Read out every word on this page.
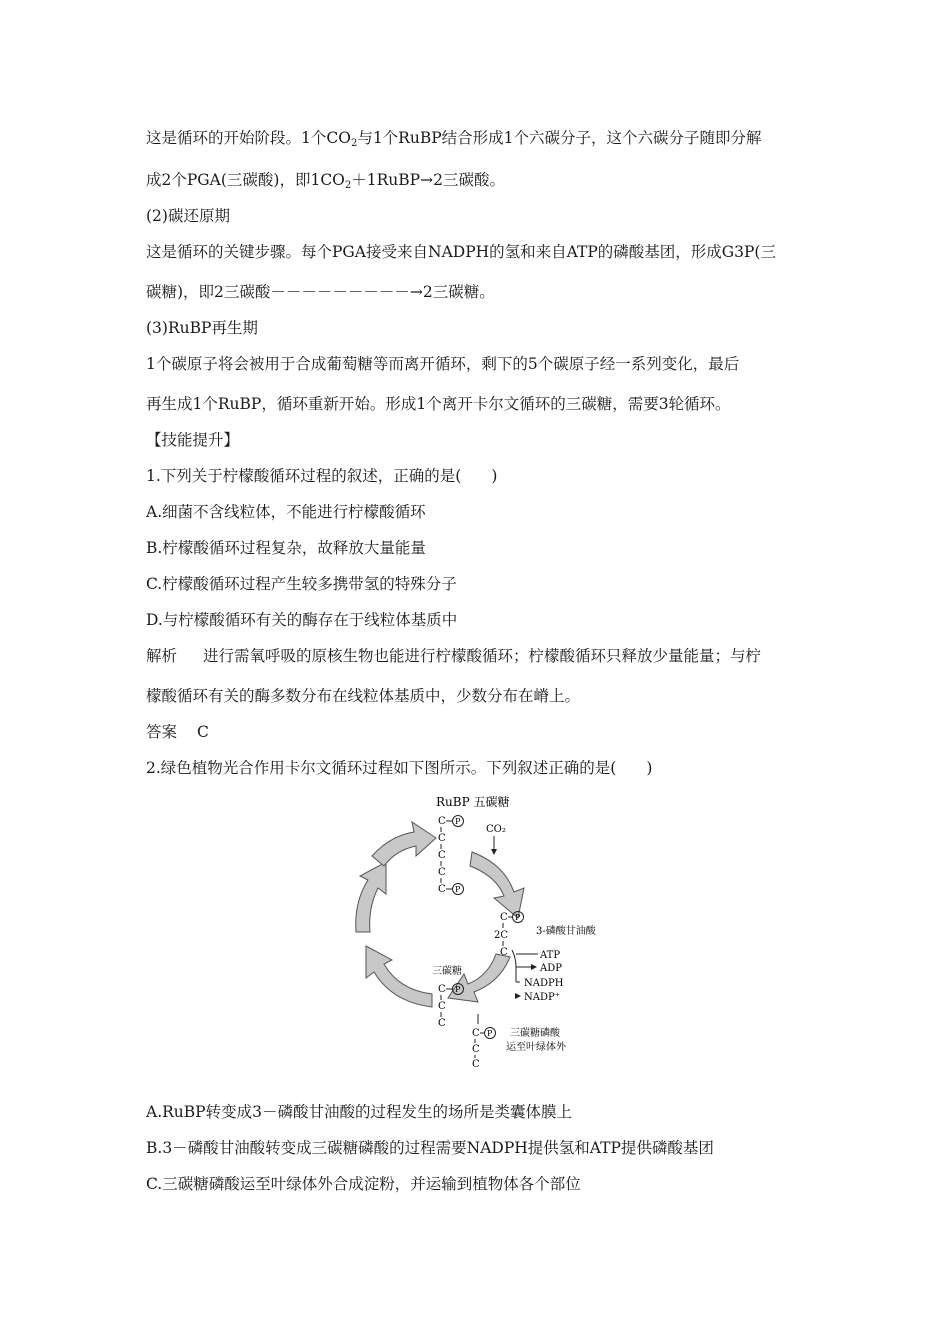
这是循环的开始阶段。1个$CO_2$与1个RuBP结合形成1个六碳分子，这个六碳分子随即分解

成2个PGA(三碳酸)，即$1CO_2+1RuBP\to 2$三碳酸。

(2)碳还原期

这是循环的关键步骤。每个PGA接受来自NADPH的氢和来自ATP的磷酸基团，形成G3P(三

碳糖)，即2三碳酸－－－－－－－－－→2三碳糖。

(3)RuBP再生期

1个碳原子将会被用于合成葡萄糖等而离开循环，剩下的5个碳原子经一系列变化，最后

再生成1个RuBP，循环重新开始。形成1个离开卡尔文循环的三碳糖，需要3轮循环。

【技能提升】

1.下列关于柠檬酸循环过程的叙述，正确的是( )

A.细菌不含线粒体，不能进行柠檬酸循环

B.柠檬酸循环过程复杂，故释放大量能量

C.柠檬酸循环过程产生较多携带氢的特殊分子

D.与柠檬酸循环有关的酶存在于线粒体基质中

解析 进行需氧呼吸的原核生物也能进行柠檬酸循环；柠檬酸循环只释放少量能量；与柠

檬酸循环有关的酶多数分布在线粒体基质中，少数分布在嵴上。

答案 C

2.绿色植物光合作用卡尔文循环过程如下图所示。下列叙述正确的是( )

RuBP 五碳糖
C P
C
C
C
C P
CO₂
C P
2C
C
3-磷酸甘油酸
ATP
ADP
NADPH
NADP⁺
三碳糖
C P
C
C
C P
C
C
三碳糖磷酸
运至叶绿体外

A.RuBP转变成3－磷酸甘油酸的过程发生的场所是类囊体膜上

B.3－磷酸甘油酸转变成三碳糖磷酸的过程需要NADPH提供氢和ATP提供磷酸基团

C.三碳糖磷酸运至叶绿体外合成淀粉，并运输到植物体各个部位
